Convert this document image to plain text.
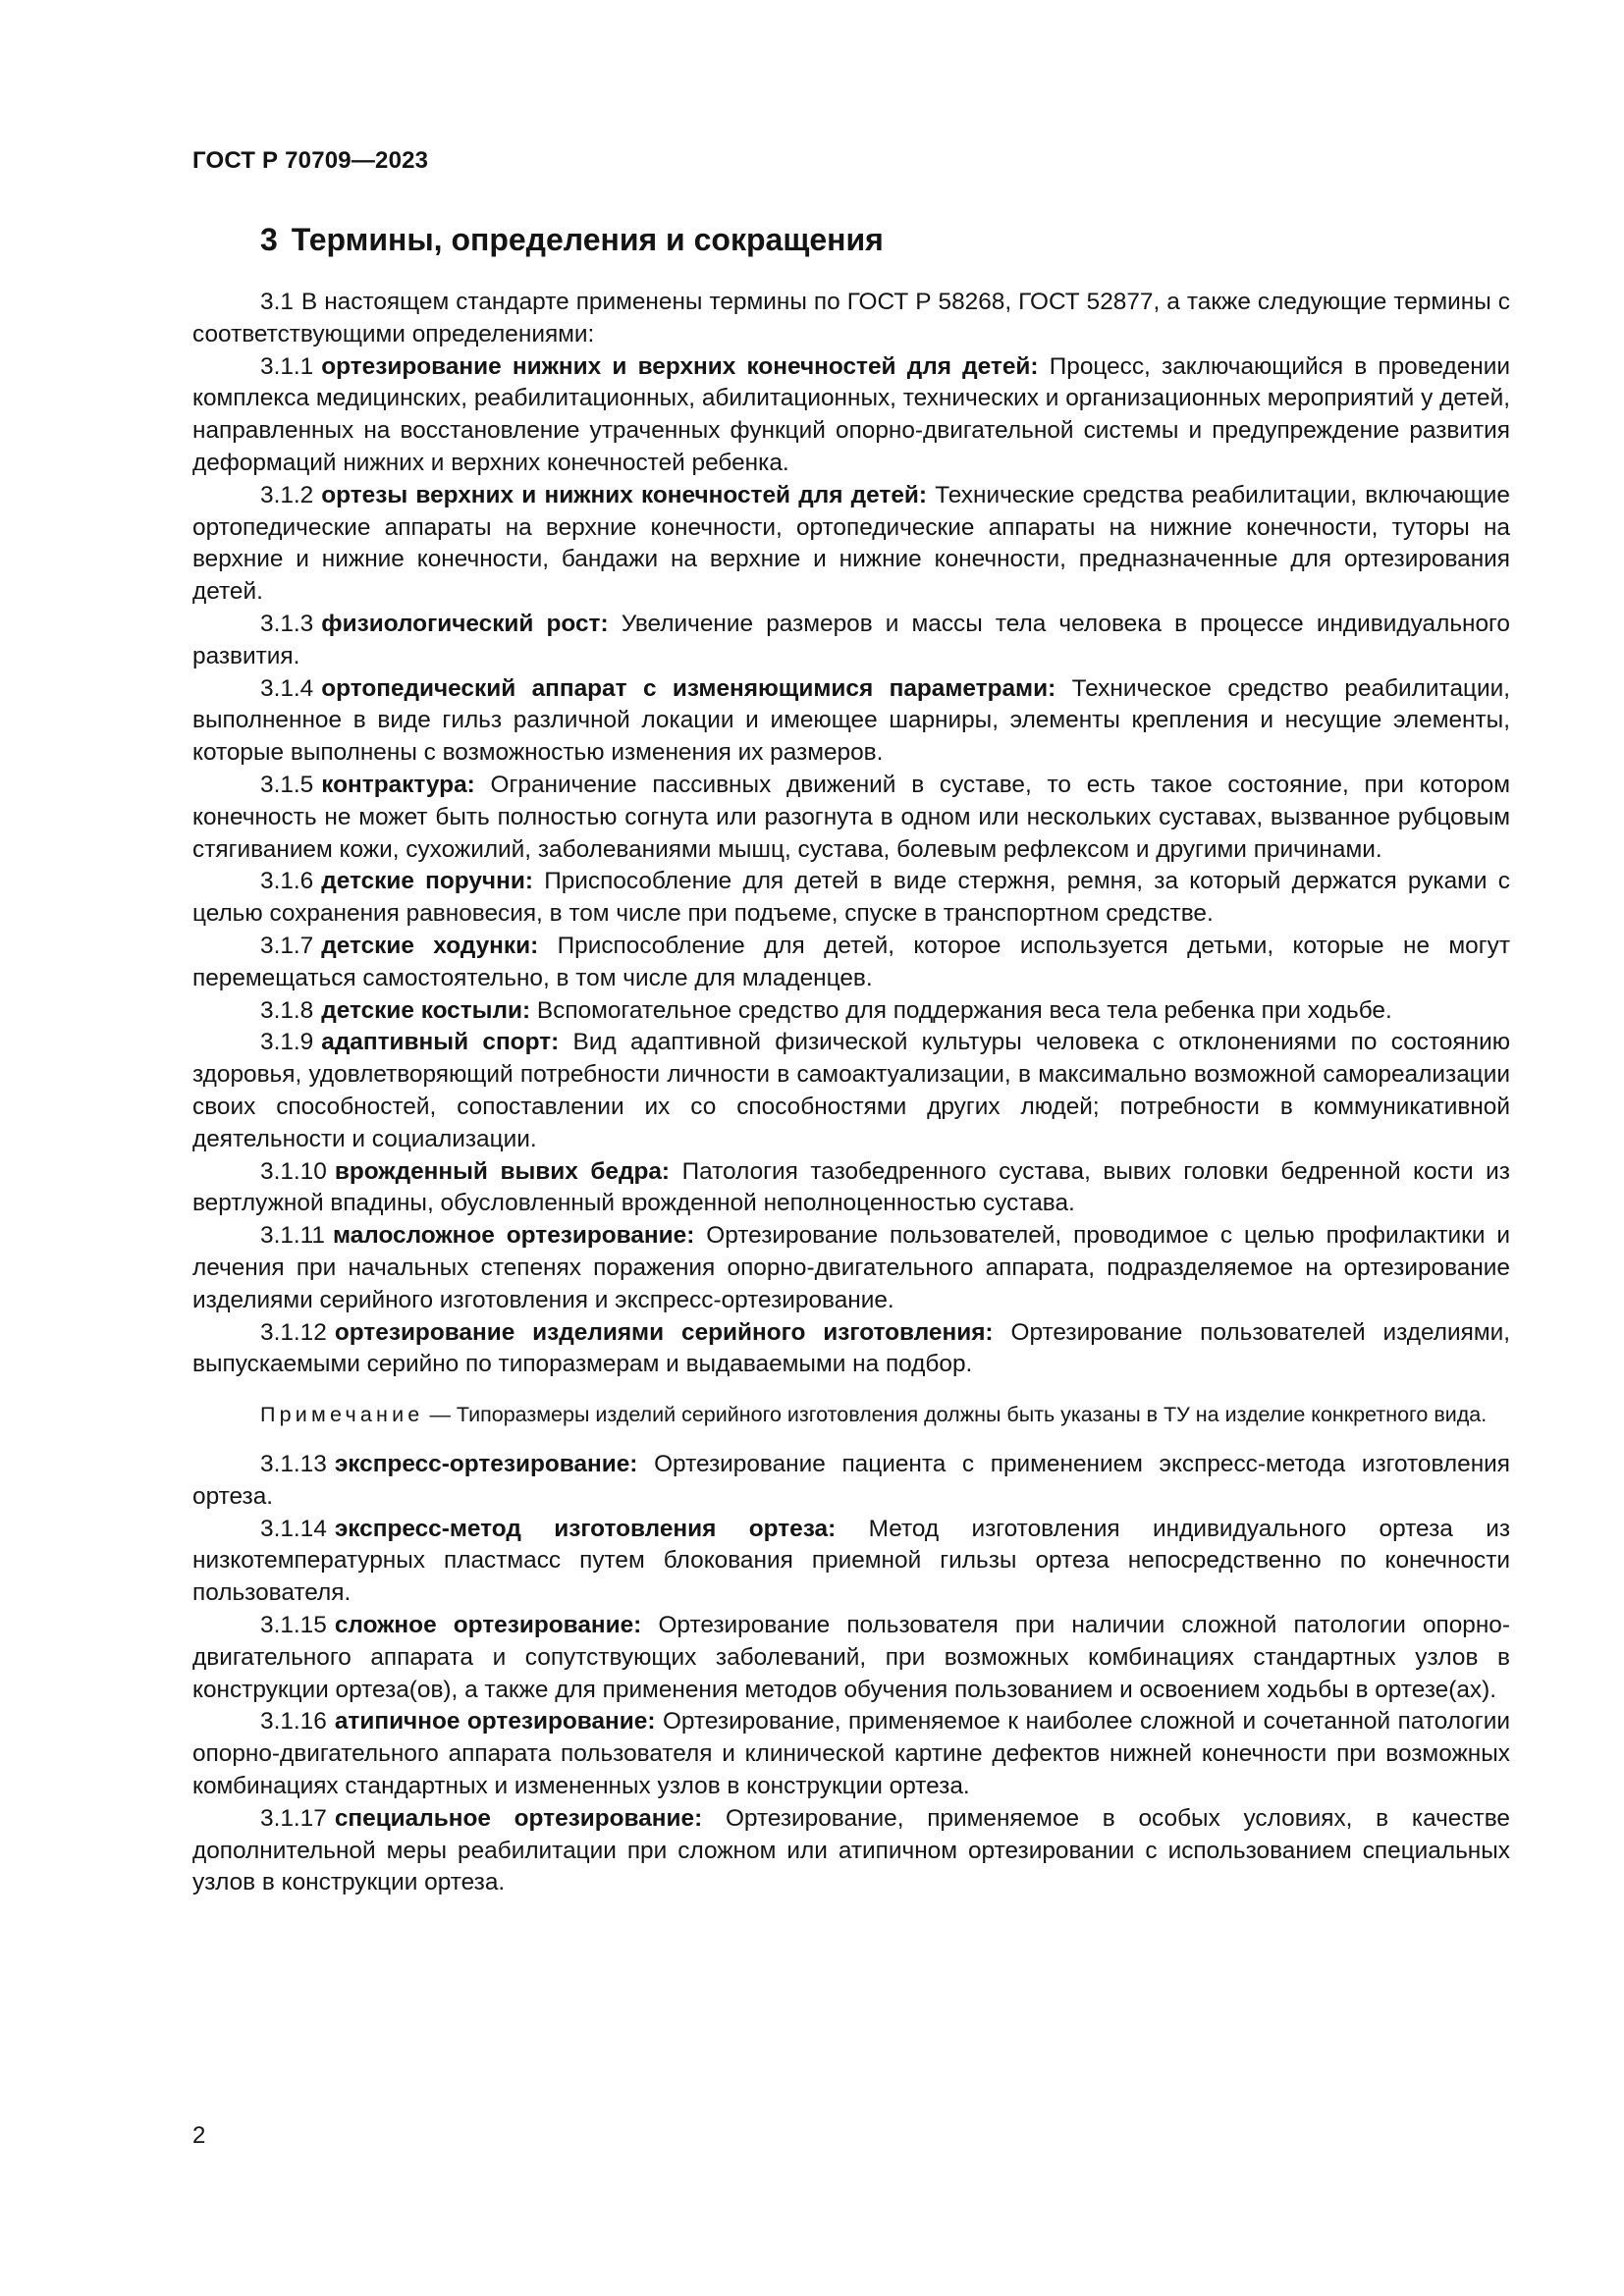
ГОСТ Р 70709—2023
3 Термины, определения и сокращения

3.1 В настоящем стандарте применены термины по ГОСТ Р 58268, ГОСТ 52877, а также следующие термины с соответствующими определениями:

3.1.1 ортезирование нижних и верхних конечностей для детей: Процесс, заключающийся в проведении комплекса медицинских, реабилитационных, абилитационных, технических и организационных мероприятий у детей, направленных на восстановление утраченных функций опорно-двигательной системы и предупреждение развития деформаций нижних и верхних конечностей ребенка.

3.1.2 ортезы верхних и нижних конечностей для детей: Технические средства реабилитации, включающие ортопедические аппараты на верхние конечности, ортопедические аппараты на нижние конечности, туторы на верхние и нижние конечности, бандажи на верхние и нижние конечности, предназначенные для ортезирования детей.

3.1.3 физиологический рост: Увеличение размеров и массы тела человека в процессе индивидуального развития.

3.1.4 ортопедический аппарат с изменяющимися параметрами: Техническое средство реабилитации, выполненное в виде гильз различной локации и имеющее шарниры, элементы крепления и несущие элементы, которые выполнены с возможностью изменения их размеров.

3.1.5 контрактура: Ограничение пассивных движений в суставе, то есть такое состояние, при котором конечность не может быть полностью согнута или разогнута в одном или нескольких суставах, вызванное рубцовым стягиванием кожи, сухожилий, заболеваниями мышц, сустава, болевым рефлексом и другими причинами.

3.1.6 детские поручни: Приспособление для детей в виде стержня, ремня, за который держатся руками с целью сохранения равновесия, в том числе при подъеме, спуске в транспортном средстве.

3.1.7 детские ходунки: Приспособление для детей, которое используется детьми, которые не могут перемещаться самостоятельно, в том числе для младенцев.

3.1.8 детские костыли: Вспомогательное средство для поддержания веса тела ребенка при ходьбе.

3.1.9 адаптивный спорт: Вид адаптивной физической культуры человека с отклонениями по состоянию здоровья, удовлетворяющий потребности личности в самоактуализации, в максимально возможной самореализации своих способностей, сопоставлении их со способностями других людей; потребности в коммуникативной деятельности и социализации.

3.1.10 врожденный вывих бедра: Патология тазобедренного сустава, вывих головки бедренной кости из вертлужной впадины, обусловленный врожденной неполноценностью сустава.

3.1.11 малосложное ортезирование: Ортезирование пользователей, проводимое с целью профилактики и лечения при начальных степенях поражения опорно-двигательного аппарата, подразделяемое на ортезирование изделиями серийного изготовления и экспресс-ортезирование.

3.1.12 ортезирование изделиями серийного изготовления: Ортезирование пользователей изделиями, выпускаемыми серийно по типоразмерам и выдаваемыми на подбор.

Примечание — Типоразмеры изделий серийного изготовления должны быть указаны в ТУ на изделие конкретного вида.

3.1.13 экспресс-ортезирование: Ортезирование пациента с применением экспресс-метода изготовления ортеза.

3.1.14 экспресс-метод изготовления ортеза: Метод изготовления индивидуального ортеза из низкотемпературных пластмасс путем блокования приемной гильзы ортеза непосредственно по конечности пользователя.

3.1.15 сложное ортезирование: Ортезирование пользователя при наличии сложной патологии опорно-двигательного аппарата и сопутствующих заболеваний, при возможных комбинациях стандартных узлов в конструкции ортеза(ов), а также для применения методов обучения пользованием и освоением ходьбы в ортезе(ах).

3.1.16 атипичное ортезирование: Ортезирование, применяемое к наиболее сложной и сочетанной патологии опорно-двигательного аппарата пользователя и клинической картине дефектов нижней конечности при возможных комбинациях стандартных и измененных узлов в конструкции ортеза.

3.1.17 специальное ортезирование: Ортезирование, применяемое в особых условиях, в качестве дополнительной меры реабилитации при сложном или атипичном ортезировании с использованием специальных узлов в конструкции ортеза.

2
